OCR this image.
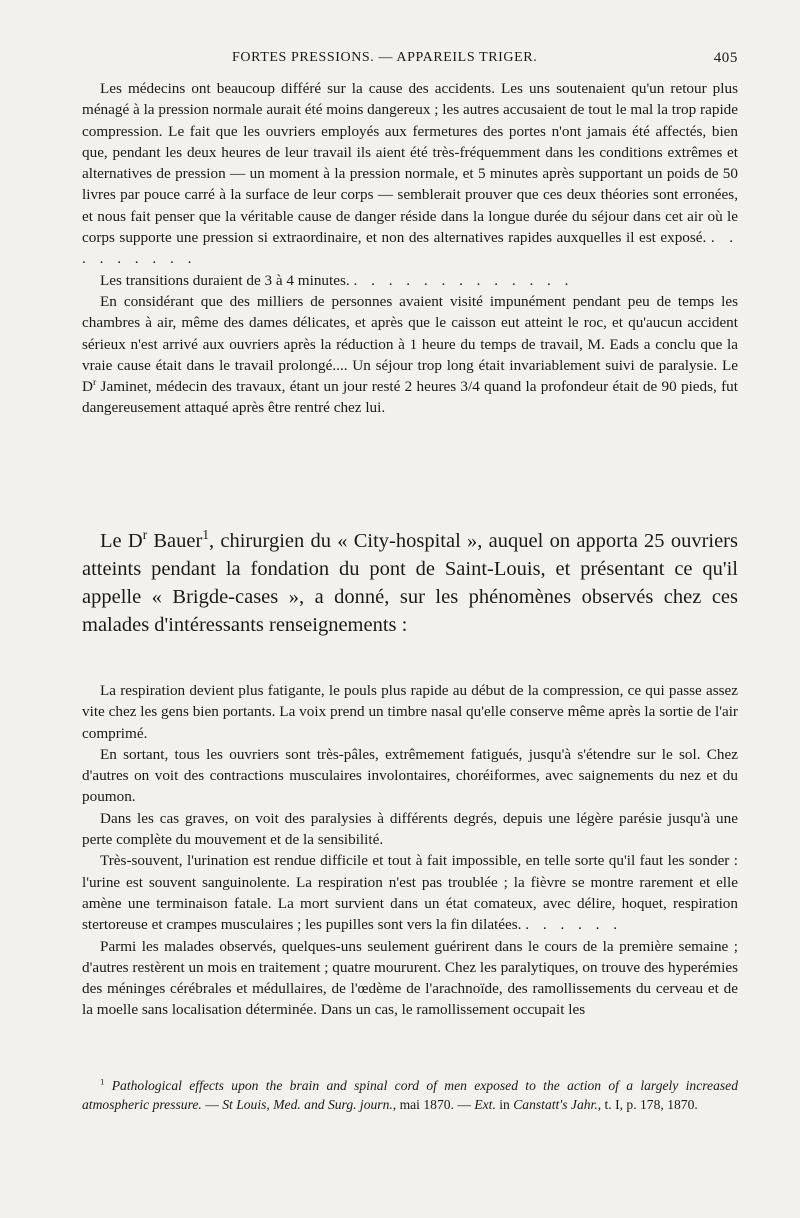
FORTES PRESSIONS. — APPAREILS TRIGER.	405

Les médecins ont beaucoup différé sur la cause des accidents. Les uns soutenaient qu'un retour plus ménagé à la pression normale aurait été moins dangereux ; les autres accusaient de tout le mal la trop rapide compression. Le fait que les ouvriers employés aux fermetures des portes n'ont jamais été affectés, bien que, pendant les deux heures de leur travail ils aient été très-fréquemment dans les conditions extrêmes et alternatives de pression — un moment à la pression normale, et 5 minutes après supportant un poids de 50 livres par pouce carré à la surface de leur corps — semblerait prouver que ces deux théories sont erronées, et nous fait penser que la véritable cause de danger réside dans la longue durée du séjour dans cet air où le corps supporte une pression si extraordinaire, et non des alternatives rapides auxquelles il est exposé. . . . . . . . . .

Les transitions duraient de 3 à 4 minutes. . . . . . . . . . . . . .

En considérant que des milliers de personnes avaient visité impunément pendant peu de temps les chambres à air, même des dames délicates, et après que le caisson eut atteint le roc, et qu'aucun accident sérieux n'est arrivé aux ouvriers après la réduction à 1 heure du temps de travail, M. Eads a conclu que la vraie cause était dans le travail prolongé.... Un séjour trop long était invariablement suivi de paralysie. Le $D^r$ Jaminet, médecin des travaux, étant un jour resté 2 heures 3/4 quand la profondeur était de 90 pieds, fut dangereusement attaqué après être rentré chez lui.

Le $D^r$ Bauer$^1$, chirurgien du « City-hospital », auquel on apporta 25 ouvriers atteints pendant la fondation du pont de Saint-Louis, et présentant ce qu'il appelle « Brigde-cases », a donné, sur les phénomènes observés chez ces malades d'intéressants renseignements :

La respiration devient plus fatigante, le pouls plus rapide au début de la compression, ce qui passe assez vite chez les gens bien portants. La voix prend un timbre nasal qu'elle conserve même après la sortie de l'air comprimé.

En sortant, tous les ouvriers sont très-pâles, extrêmement fatigués, jusqu'à s'étendre sur le sol. Chez d'autres on voit des contractions musculaires involontaires, choréiformes, avec saignements du nez et du poumon.

Dans les cas graves, on voit des paralysies à différents degrés, depuis une légère parésie jusqu'à une perte complète du mouvement et de la sensibilité.

Très-souvent, l'urination est rendue difficile et tout à fait impossible, en telle sorte qu'il faut les sonder : l'urine est souvent sanguinolente. La respiration n'est pas troublée ; la fièvre se montre rarement et elle amène une terminaison fatale. La mort survient dans un état comateux, avec délire, hoquet, respiration stertoreuse et crampes musculaires ; les pupilles sont vers la fin dilatées. . . . . . .

Parmi les malades observés, quelques-uns seulement guérirent dans le cours de la première semaine ; d'autres restèrent un mois en traitement ; quatre moururent. Chez les paralytiques, on trouve des hyperémies des méninges cérébrales et médullaires, de l'œdème de l'arachnoïde, des ramollissements du cerveau et de la moelle sans localisation déterminée. Dans un cas, le ramollissement occupait les

$^1$ Pathological effects upon the brain and spinal cord of men exposed to the action of a largely increased atmospheric pressure. — St Louis, Med. and Surg. journ., mai 1870. — Ext. in Canstatt's Jahr., t. I, p. 178, 1870.
